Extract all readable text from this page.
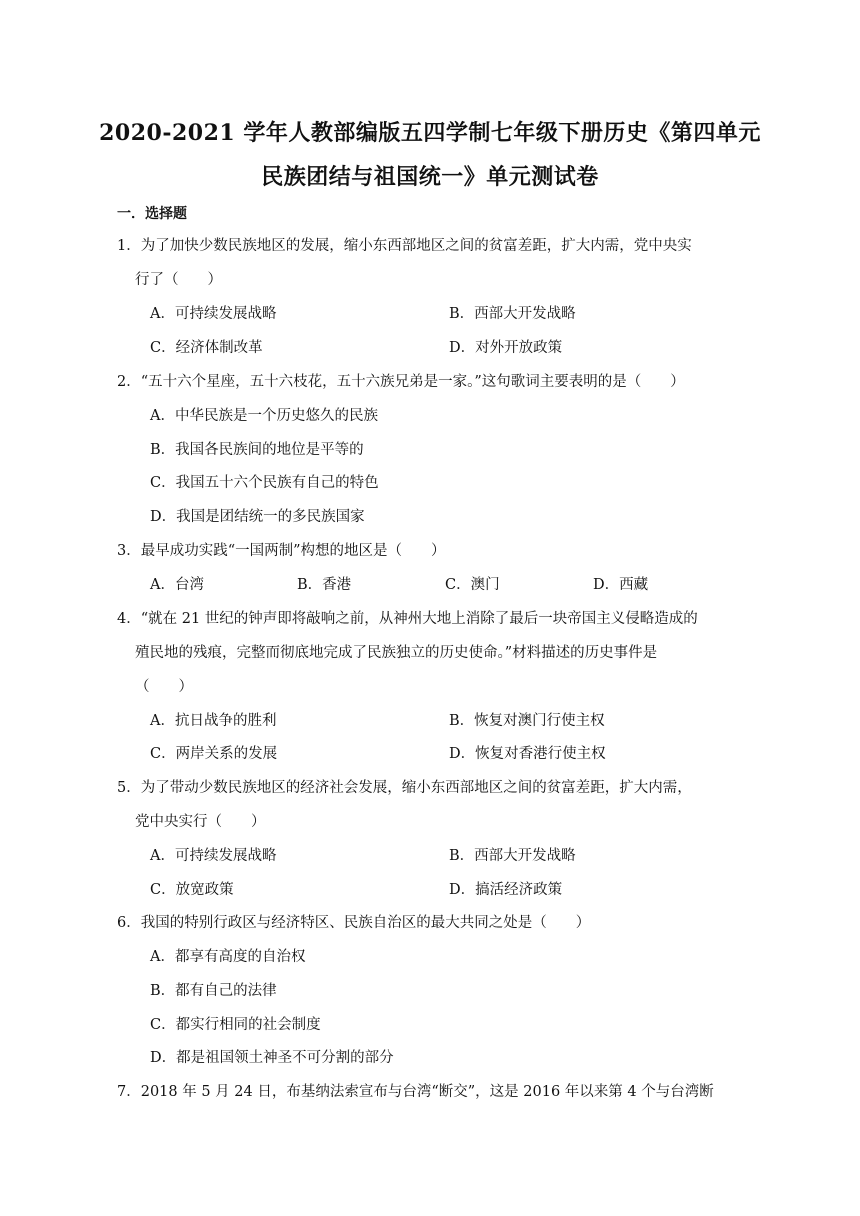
2020-2021 学年人教部编版五四学制七年级下册历史《第四单元
民族团结与祖国统一》单元测试卷
一．选择题
1．为了加快少数民族地区的发展，缩小东西部地区之间的贫富差距，扩大内需，党中央实
行了（　　）
A．可持续发展战略	B．西部大开发战略
C．经济体制改革	D．对外开放政策
2．“五十六个星座，五十六枝花，五十六族兄弟是一家。”这句歌词主要表明的是（　　）
A．中华民族是一个历史悠久的民族
B．我国各民族间的地位是平等的
C．我国五十六个民族有自己的特色
D．我国是团结统一的多民族国家
3．最早成功实践“一国两制”构想的地区是（　　）
A．台湾	B．香港	C．澳门	D．西藏
4．“就在 21 世纪的钟声即将敲响之前，从神州大地上消除了最后一块帝国主义侵略造成的
殖民地的残痕，完整而彻底地完成了民族独立的历史使命。”材料描述的历史事件是
（　　）
A．抗日战争的胜利	B．恢复对澳门行使主权
C．两岸关系的发展	D．恢复对香港行使主权
5．为了带动少数民族地区的经济社会发展，缩小东西部地区之间的贫富差距，扩大内需，
党中央实行（　　）
A．可持续发展战略	B．西部大开发战略
C．放宽政策	D．搞活经济政策
6．我国的特别行政区与经济特区、民族自治区的最大共同之处是（　　）
A．都享有高度的自治权
B．都有自己的法律
C．都实行相同的社会制度
D．都是祖国领土神圣不可分割的部分
7．2018 年 5 月 24 日，布基纳法索宣布与台湾“断交”，这是 2016 年以来第 4 个与台湾断
